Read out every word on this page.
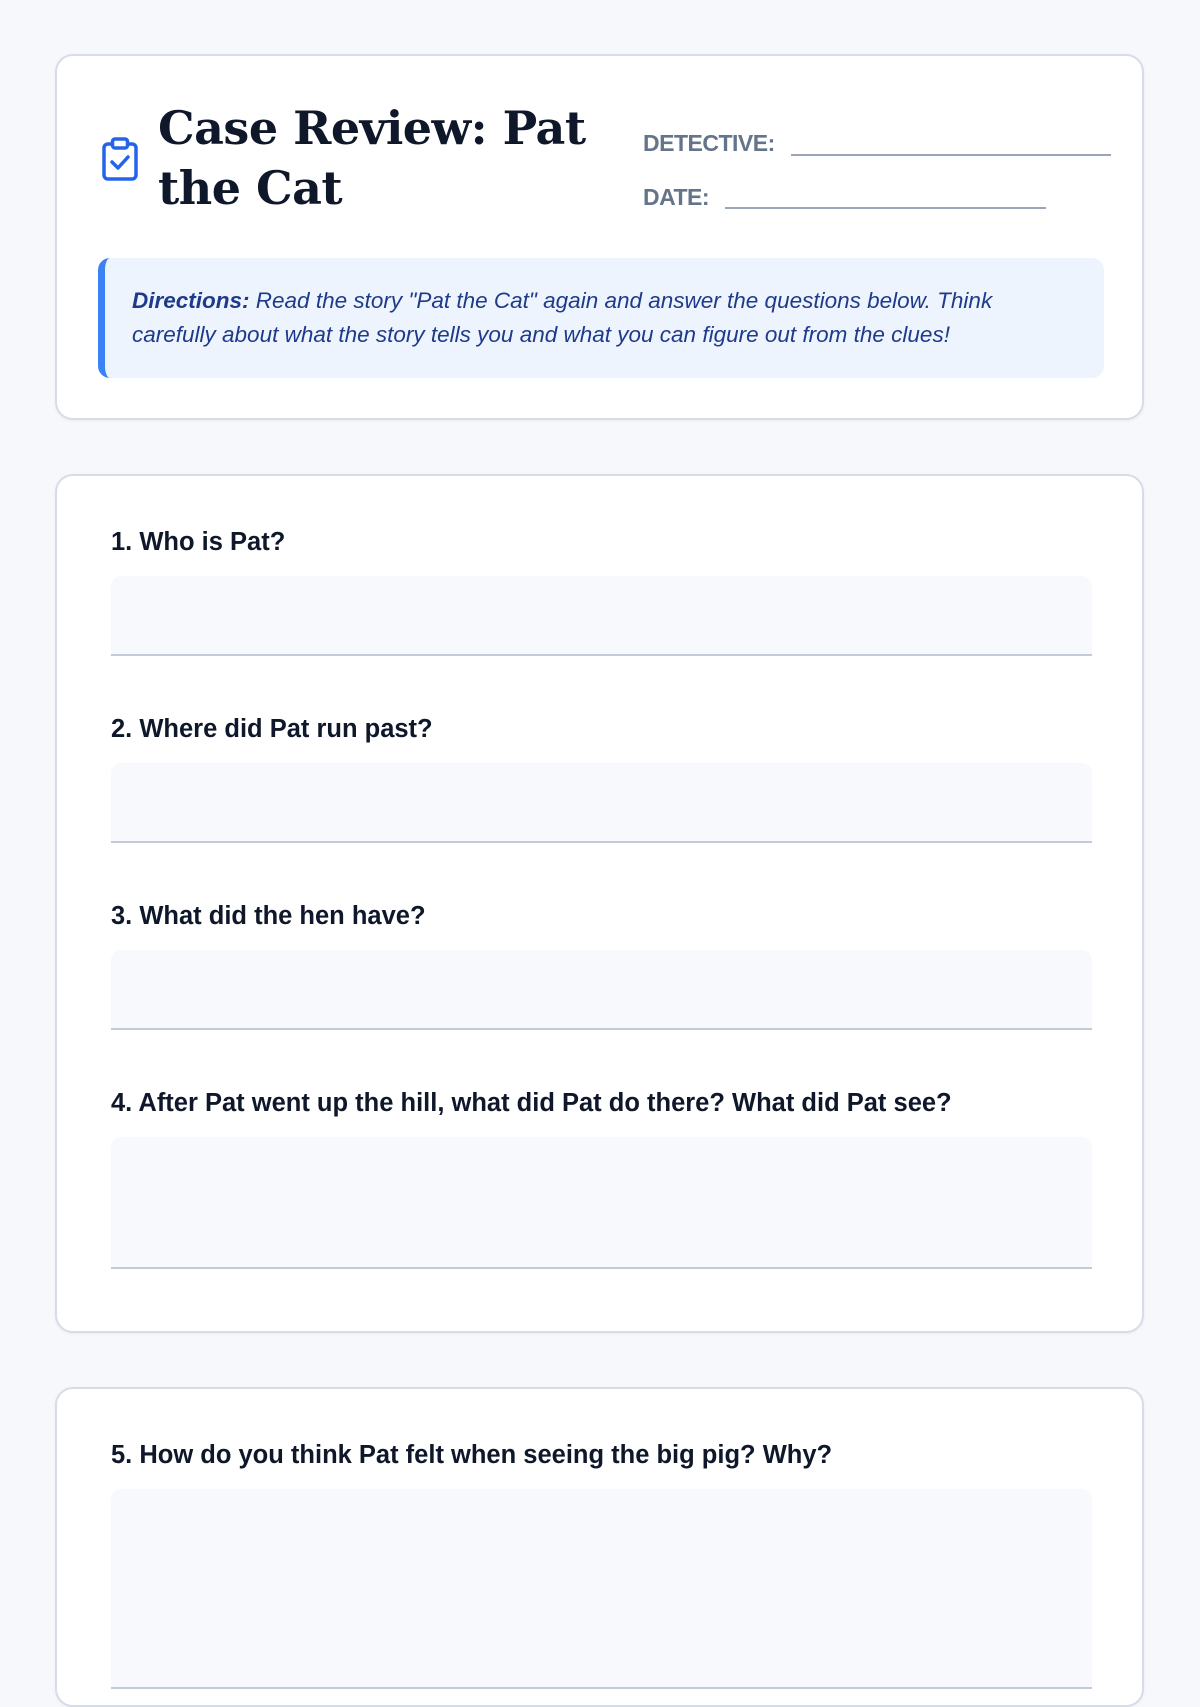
Case Review: Pat the Cat
DETECTIVE:
DATE:
Directions: Read the story "Pat the Cat" again and answer the questions below. Think carefully about what the story tells you and what you can figure out from the clues!

1. Who is Pat?

2. Where did Pat run past?

3. What did the hen have?

4. After Pat went up the hill, what did Pat do there? What did Pat see?

5. How do you think Pat felt when seeing the big pig? Why?
